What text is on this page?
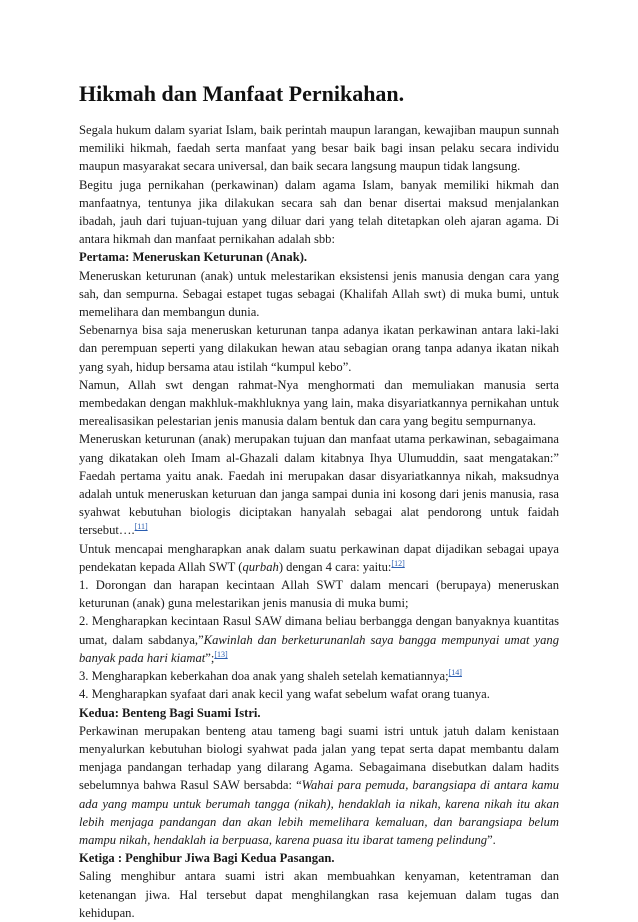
Hikmah dan Manfaat Pernikahan.

Segala hukum dalam syariat Islam, baik perintah maupun larangan, kewajiban maupun sunnah memiliki hikmah, faedah serta manfaat yang besar baik bagi insan pelaku secara individu maupun masyarakat secara universal, dan baik secara langsung maupun tidak langsung.

Begitu juga pernikahan (perkawinan) dalam agama Islam, banyak memiliki hikmah dan manfaatnya, tentunya jika dilakukan secara sah dan benar disertai maksud menjalankan ibadah, jauh dari tujuan-tujuan yang diluar dari yang telah ditetapkan oleh ajaran agama. Di antara hikmah dan manfaat pernikahan adalah sbb:

Pertama: Meneruskan Keturunan (Anak).

Meneruskan keturunan (anak) untuk melestarikan eksistensi jenis manusia dengan cara yang sah, dan sempurna. Sebagai estapet tugas sebagai (Khalifah Allah swt) di muka bumi, untuk memelihara dan membangun dunia.

Sebenarnya bisa saja meneruskan keturunan tanpa adanya ikatan perkawinan antara laki-laki dan perempuan seperti yang dilakukan hewan atau sebagian orang tanpa adanya ikatan nikah yang syah, hidup bersama atau istilah “kumpul kebo”.

Namun, Allah swt dengan rahmat-Nya menghormati dan memuliakan manusia serta membedakan dengan makhluk-makhluknya yang lain, maka disyariatkannya pernikahan untuk merealisasikan pelestarian jenis manusia dalam bentuk dan cara yang begitu sempurnanya.

Meneruskan keturunan (anak) merupakan tujuan dan manfaat utama perkawinan, sebagaimana yang dikatakan oleh Imam al-Ghazali dalam kitabnya Ihya Ulumuddin, saat mengatakan:” Faedah pertama yaitu anak. Faedah ini merupakan dasar disyariatkannya nikah, maksudnya adalah untuk meneruskan keturuan dan janga sampai dunia ini kosong dari jenis manusia, rasa syahwat kebutuhan biologis diciptakan hanyalah sebagai alat pendorong untuk faidah tersebut….[11]

Untuk mencapai mengharapkan anak dalam suatu perkawinan dapat dijadikan sebagai upaya pendekatan kepada Allah SWT (qurbah) dengan 4 cara: yaitu:[12]

1. Dorongan dan harapan kecintaan Allah SWT dalam mencari (berupaya) meneruskan keturunan (anak) guna melestarikan jenis manusia di muka bumi;

2. Mengharapkan kecintaan Rasul SAW dimana beliau berbangga dengan banyaknya kuantitas umat, dalam sabdanya,”Kawinlah dan berketurunanlah saya bangga mempunyai umat yang banyak pada hari kiamat”;[13]

3. Mengharapkan keberkahan doa anak yang shaleh setelah kematiannya;[14]

4. Mengharapkan syafaat dari anak kecil yang wafat sebelum wafat orang tuanya.

Kedua: Benteng Bagi Suami Istri.

Perkawinan merupakan benteng atau tameng bagi suami istri untuk jatuh dalam kenistaan menyalurkan kebutuhan biologi syahwat pada jalan yang tepat serta dapat membantu dalam menjaga pandangan terhadap yang dilarang Agama. Sebagaimana disebutkan dalam hadits sebelumnya bahwa Rasul SAW bersabda: “Wahai para pemuda, barangsiapa di antara kamu ada yang mampu untuk berumah tangga (nikah), hendaklah ia nikah, karena nikah itu akan lebih menjaga pandangan dan akan lebih memelihara kemaluan, dan barangsiapa belum mampu nikah, hendaklah ia berpuasa, karena puasa itu ibarat tameng pelindung”.

Ketiga : Penghibur Jiwa Bagi Kedua Pasangan.

Saling menghibur antara suami istri akan membuahkan kenyaman, ketentraman dan ketenangan jiwa. Hal tersebut dapat menghilangkan rasa kejemuan dalam tugas dan kehidupan.
